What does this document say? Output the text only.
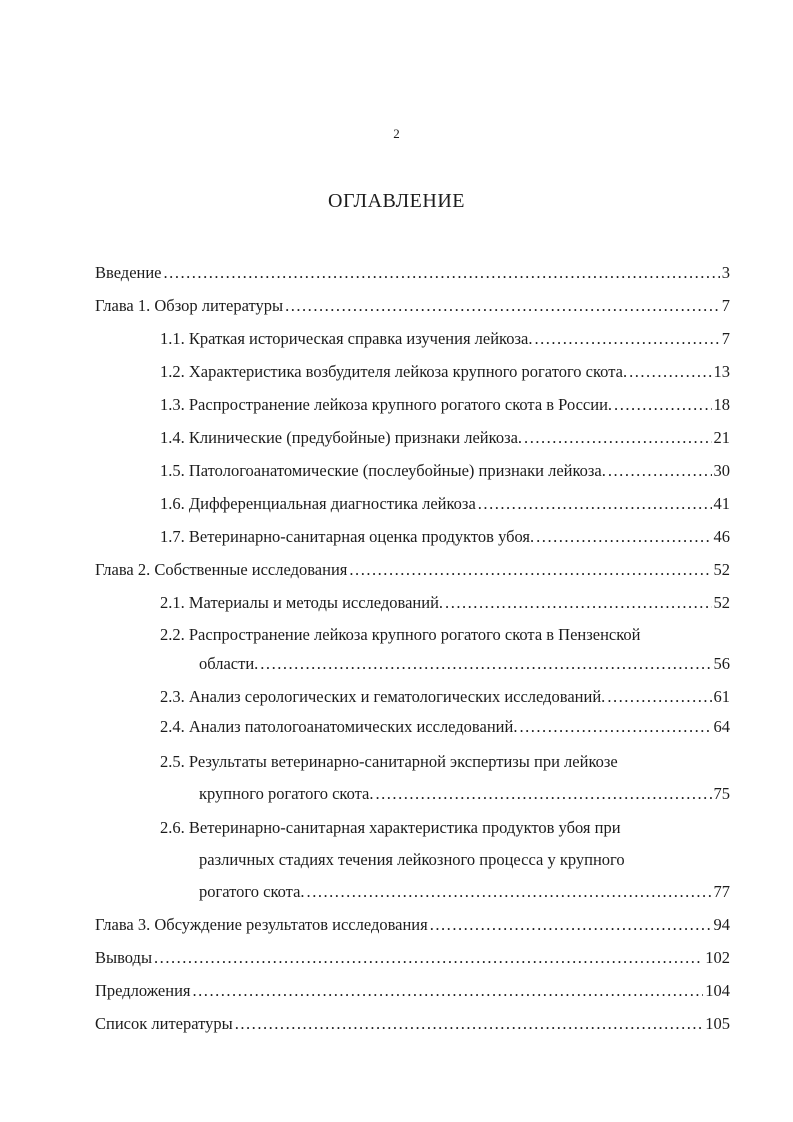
2
ОГЛАВЛЕНИЕ
Введение . . .	3
Глава 1. Обзор литературы . . .	7
1.1. Краткая историческая справка изучения лейкоза. . . .	7
1.2. Характеристика возбудителя лейкоза крупного рогатого скота. . . .	13
1.3. Распространение лейкоза крупного рогатого скота в России. . . .	18
1.4. Клинические (предубойные) признаки лейкоза. . . .	21
1.5. Патологоанатомические (послеубойные) признаки лейкоза. . . .	30
1.6. Дифференциальная диагностика лейкоза . . .	41
1.7. Ветеринарно-санитарная оценка продуктов убоя. . . .	46
Глава 2. Собственные исследования . . .	52
2.1. Материалы и методы исследований. . . .	52
2.2. Распространение лейкоза крупного рогатого скота в Пензенской
области. . . .	56
2.3. Анализ серологических и гематологических исследований. . . .	61
2.4. Анализ патологоанатомических исследований. . . .	64
2.5. Результаты ветеринарно-санитарной экспертизы при лейкозе
крупного рогатого скота. . . .	75
2.6. Ветеринарно-санитарная характеристика продуктов убоя при
различных стадиях течения лейкозного процесса у крупного
рогатого скота. . . .	77
Глава 3. Обсуждение результатов исследования . . .	94
Выводы . . .	102
Предложения . . .	104
Список литературы . . .	105
